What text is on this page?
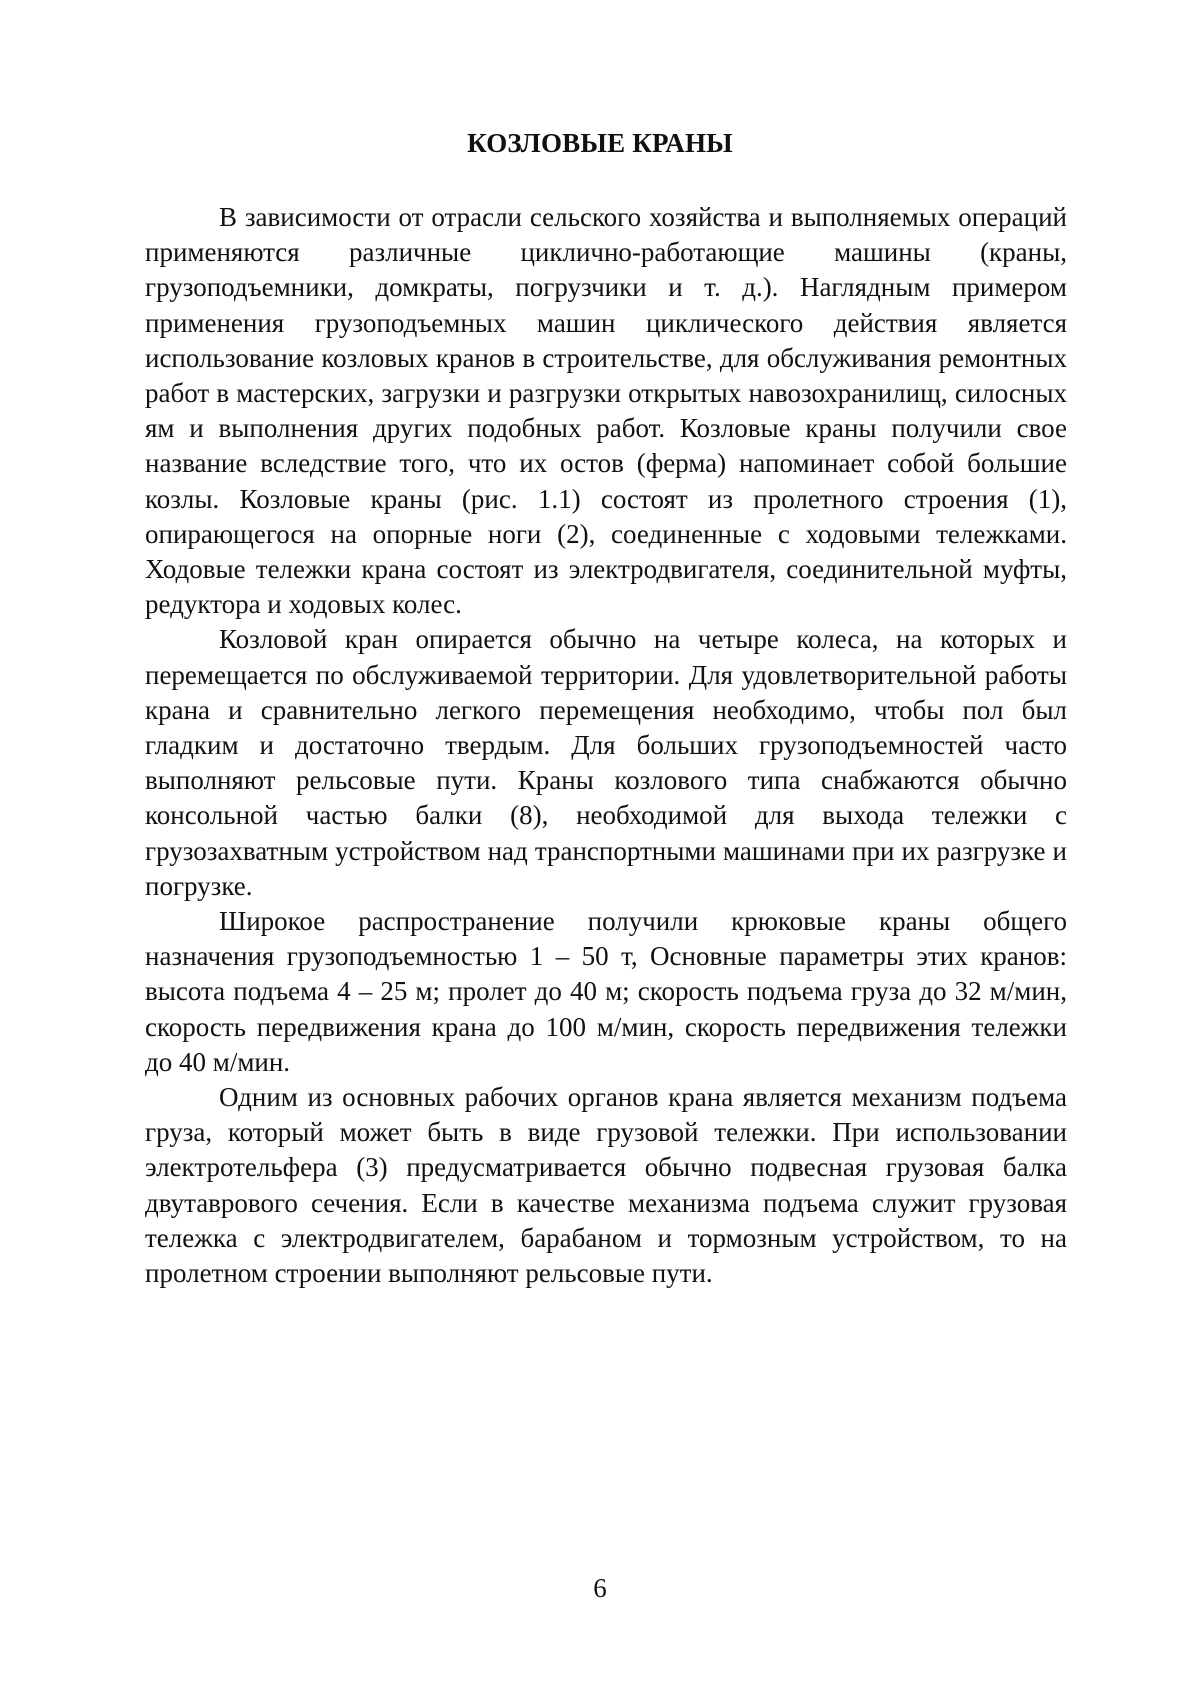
КОЗЛОВЫЕ КРАНЫ

В зависимости от отрасли сельского хозяйства и выполняемых операций применяются различные циклично-работающие машины (краны, грузоподъемники, домкраты, погрузчики и т. д.). Наглядным примером применения грузоподъемных машин циклического действия является использование козловых кранов в строительстве, для обслуживания ремонтных работ в мастерских, загрузки и разгрузки открытых навозохранилищ, силосных ям и выполнения других подобных работ. Козловые краны получили свое название вследствие того, что их остов (ферма) напоминает собой большие козлы. Козловые краны (рис. 1.1) состоят из пролетного строения (1), опирающегося на опорные ноги (2), соединенные с ходовыми тележками. Ходовые тележки крана состоят из электродвигателя, соединительной муфты, редуктора и ходовых колес.

Козловой кран опирается обычно на четыре колеса, на которых и перемещается по обслуживаемой территории. Для удовлетворительной работы крана и сравнительно легкого перемещения необходимо, чтобы пол был гладким и достаточно твердым. Для больших грузоподъемностей часто выполняют рельсовые пути. Краны козлового типа снабжаются обычно консольной частью балки (8), необходимой для выхода тележки с грузозахватным устройством над транспортными машинами при их разгрузке и погрузке.

Широкое распространение получили крюковые краны общего назначения грузоподъемностью 1 – 50 т, Основные параметры этих кранов: высота подъема 4 – 25 м; пролет до 40 м; скорость подъема груза до 32 м/мин, скорость передвижения крана до 100 м/мин, скорость передвижения тележки до 40 м/мин.

Одним из основных рабочих органов крана является механизм подъема груза, который может быть в виде грузовой тележки. При использовании электротельфера (3) предусматривается обычно подвесная грузовая балка двутаврового сечения. Если в качестве механизма подъема служит грузовая тележка с электродвигателем, барабаном и тормозным устройством, то на пролетном строении выполняют рельсовые пути.

6
